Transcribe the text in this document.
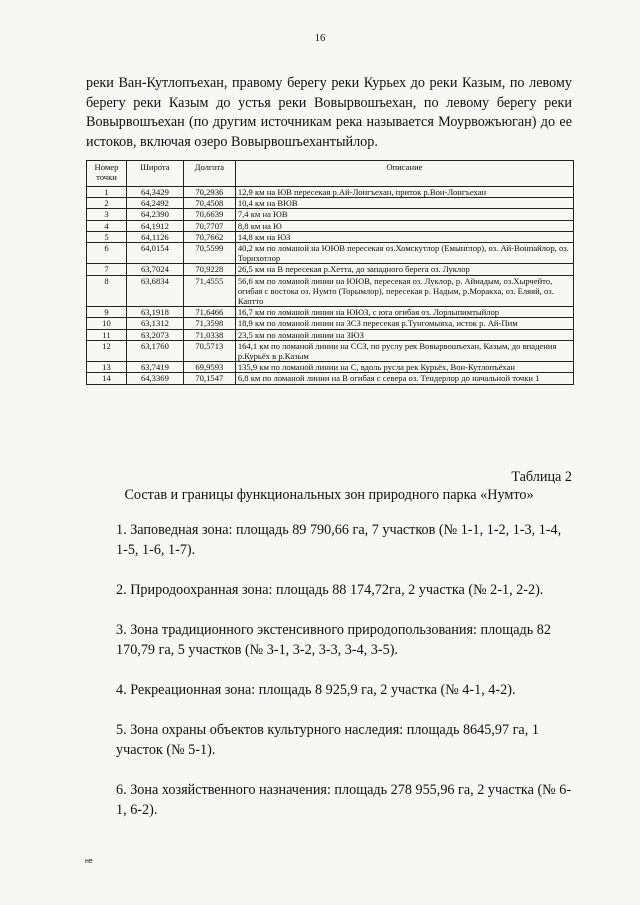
16

реки Ван-Кутлопъехан, правому берегу реки Курьех до реки Казым, по левому берегу реки Казым до устья реки Вовырвошъехан, по левому берегу реки Вовырвошъехан (по другим источникам река называется Моурвожъюган) до ее истоков, включая озеро Вовырвошъехантыйлор.

Номер точки	Широта	Долгота	Описание
1	64,3429	70,2936	12,9 км на ЮВ пересекая р.Ай-Лонгъехан, приток р.Вон-Лонгъехан
2	64,2492	70,4508	10,4 км на ВЮВ
3	64,2390	70,6639	7,4 км на ЮВ
4	64,1912	70,7707	8,8 км на Ю
5	64,1126	70,7662	14,8 км на ЮЗ
6	64,0154	70,5599	40,2 км по ломаной на ЮЮВ пересекая оз.Хомскутлор (Емынглор), оз. Ай-Вонпайлор, оз. Торнхотлор
7	63,7024	70,9228	26,5 км на В пересекая р.Хетта, до западного берега оз. Луклор
8	63,6834	71,4555	56,6 км по ломаной линии на ЮЮВ, пересекая оз. Луклор, р. Айнадым, оз.Хырчейто, огибая с востока оз. Нумто (Торымлор), пересекая р. Надым, р.Моракха, оз. Еляяй, оз. Каптто
9	63,1918	71,6466	16,7 км по ломаной линии на ЮЮЗ, с юга огибая оз. Лорлыпимтыйлор
10	63,1312	71,3598	18,9 км по ломаной линии на ЗСЗ пересекая р.Тунгомыяха, исток р. Ай-Пим
11	63,2073	71,0338	23,5 км по ломаной линии на ЗЮЗ
12	63,1760	70,5713	164,1 км по ломаной линии на ССЗ, по руслу рек Вовырвошъехан, Казым, до впадения р.Курьёх в р.Казым
13	63,7419	69,9593	135,9 км по ломаной линии на С, вдоль русла рек Курьёх, Вон-Кутлопъёхан
14	64,3369	70,1547	6,8 км по ломаной линии на В огибая с севера оз. Тендерлор до начальной точки 1
Таблица 2
Состав и границы функциональных зон природного парка «Нумто»

1. Заповедная зона: площадь 89 790,66 га, 7 участков (№ 1-1, 1-2, 1-3, 1-4, 1-5, 1-6, 1-7).

2. Природоохранная зона: площадь 88 174,72га, 2 участка (№ 2-1, 2-2).

3. Зона традиционного экстенсивного природопользования: площадь 82 170,79 га, 5 участков (№ 3-1, 3-2, 3-3, 3-4, 3-5).

4. Рекреационная зона: площадь 8 925,9 га, 2 участка (№ 4-1, 4-2).

5. Зона охраны объектов культурного наследия: площадь 8645,97 га, 1 участок (№ 5-1).

6. Зона хозяйственного назначения: площадь 278 955,96 га, 2 участка (№ 6-1, 6-2).

не
